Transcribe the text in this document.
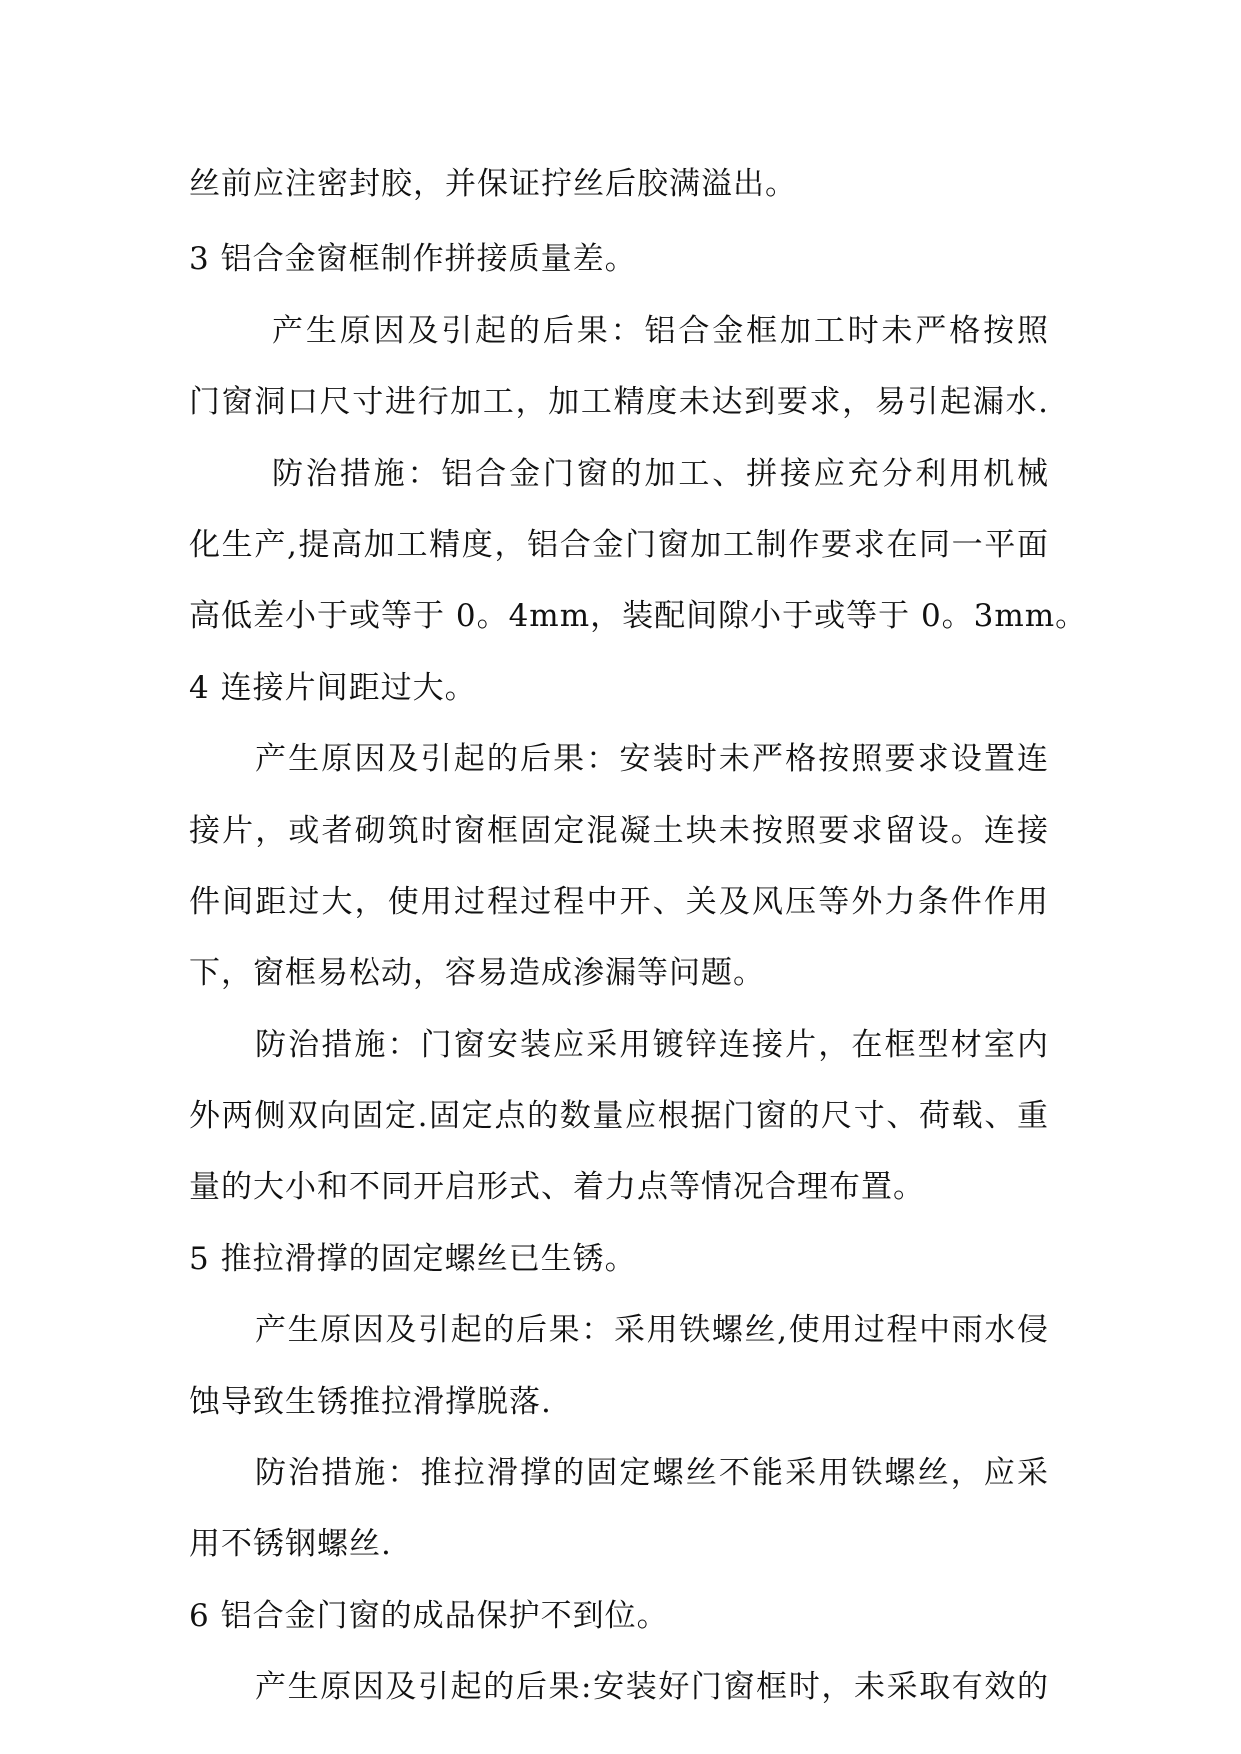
丝前应注密封胶，并保证拧丝后胶满溢出。
3 铝合金窗框制作拼接质量差。
产生原因及引起的后果：铝合金框加工时未严格按照
门窗洞口尺寸进行加工，加工精度未达到要求，易引起漏水.
防治措施：铝合金门窗的加工、拼接应充分利用机械
化生产,提高加工精度，铝合金门窗加工制作要求在同一平面
高低差小于或等于 0。4mm，装配间隙小于或等于 0。3mm。
4 连接片间距过大。
产生原因及引起的后果：安装时未严格按照要求设置连
接片，或者砌筑时窗框固定混凝土块未按照要求留设。连接
件间距过大，使用过程过程中开、关及风压等外力条件作用
下，窗框易松动，容易造成渗漏等问题。
防治措施：门窗安装应采用镀锌连接片，在框型材室内
外两侧双向固定.固定点的数量应根据门窗的尺寸、荷载、重
量的大小和不同开启形式、着力点等情况合理布置。
5 推拉滑撑的固定螺丝已生锈。
产生原因及引起的后果：采用铁螺丝,使用过程中雨水侵
蚀导致生锈推拉滑撑脱落.
防治措施：推拉滑撑的固定螺丝不能采用铁螺丝，应采
用不锈钢螺丝.
6 铝合金门窗的成品保护不到位。
产生原因及引起的后果:安装好门窗框时，未采取有效的
